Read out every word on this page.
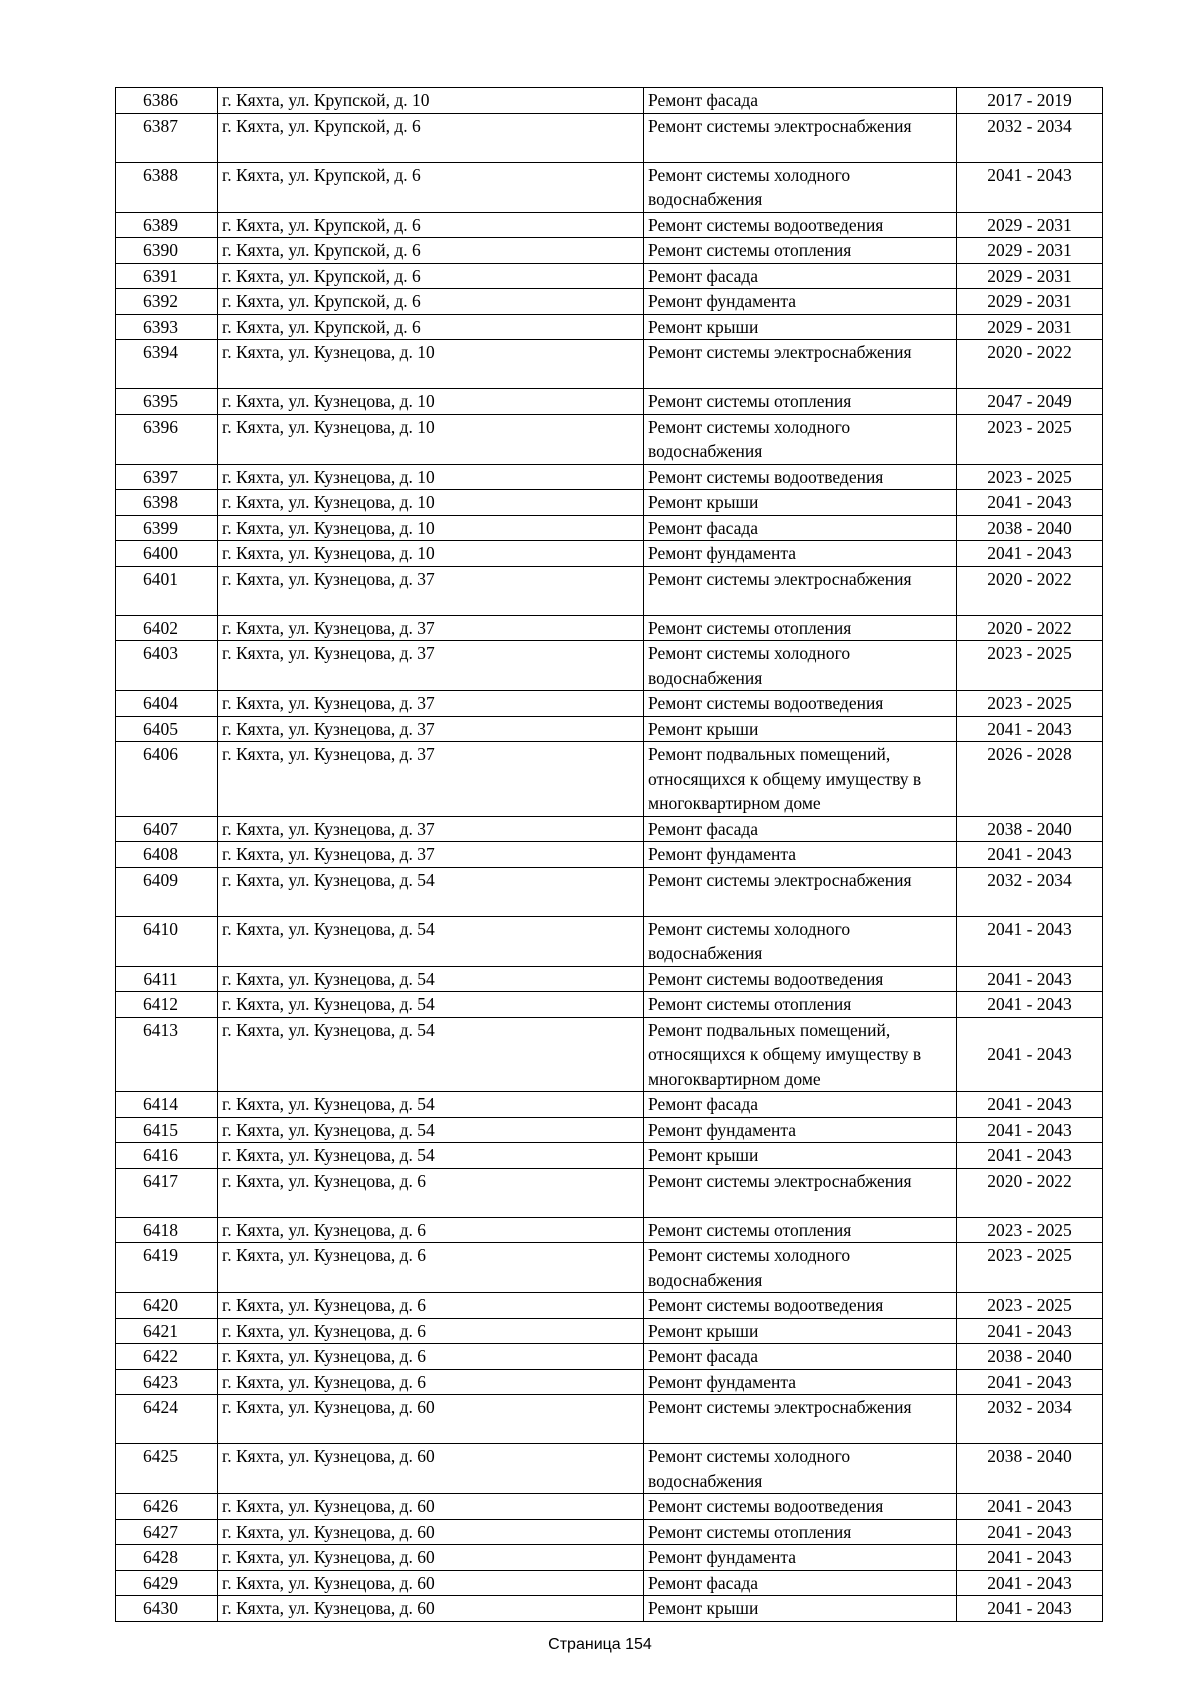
6386	г. Кяхта, ул. Крупской, д. 10	Ремонт фасада	2017 - 2019
6387	г. Кяхта, ул. Крупской, д. 6	Ремонт системы электроснабжения	2032 - 2034
6388	г. Кяхта, ул. Крупской, д. 6	Ремонт системы холодного водоснабжения	2041 - 2043
6389	г. Кяхта, ул. Крупской, д. 6	Ремонт системы водоотведения	2029 - 2031
6390	г. Кяхта, ул. Крупской, д. 6	Ремонт системы отопления	2029 - 2031
6391	г. Кяхта, ул. Крупской, д. 6	Ремонт фасада	2029 - 2031
6392	г. Кяхта, ул. Крупской, д. 6	Ремонт фундамента	2029 - 2031
6393	г. Кяхта, ул. Крупской, д. 6	Ремонт крыши	2029 - 2031
6394	г. Кяхта, ул. Кузнецова, д. 10	Ремонт системы электроснабжения	2020 - 2022
6395	г. Кяхта, ул. Кузнецова, д. 10	Ремонт системы отопления	2047 - 2049
6396	г. Кяхта, ул. Кузнецова, д. 10	Ремонт системы холодного водоснабжения	2023 - 2025
6397	г. Кяхта, ул. Кузнецова, д. 10	Ремонт системы водоотведения	2023 - 2025
6398	г. Кяхта, ул. Кузнецова, д. 10	Ремонт крыши	2041 - 2043
6399	г. Кяхта, ул. Кузнецова, д. 10	Ремонт фасада	2038 - 2040
6400	г. Кяхта, ул. Кузнецова, д. 10	Ремонт фундамента	2041 - 2043
6401	г. Кяхта, ул. Кузнецова, д. 37	Ремонт системы электроснабжения	2020 - 2022
6402	г. Кяхта, ул. Кузнецова, д. 37	Ремонт системы отопления	2020 - 2022
6403	г. Кяхта, ул. Кузнецова, д. 37	Ремонт системы холодного водоснабжения	2023 - 2025
6404	г. Кяхта, ул. Кузнецова, д. 37	Ремонт системы водоотведения	2023 - 2025
6405	г. Кяхта, ул. Кузнецова, д. 37	Ремонт крыши	2041 - 2043
6406	г. Кяхта, ул. Кузнецова, д. 37	Ремонт подвальных помещений, относящихся к общему имуществу в многоквартирном доме	2026 - 2028
6407	г. Кяхта, ул. Кузнецова, д. 37	Ремонт фасада	2038 - 2040
6408	г. Кяхта, ул. Кузнецова, д. 37	Ремонт фундамента	2041 - 2043
6409	г. Кяхта, ул. Кузнецова, д. 54	Ремонт системы электроснабжения	2032 - 2034
6410	г. Кяхта, ул. Кузнецова, д. 54	Ремонт системы холодного водоснабжения	2041 - 2043
6411	г. Кяхта, ул. Кузнецова, д. 54	Ремонт системы водоотведения	2041 - 2043
6412	г. Кяхта, ул. Кузнецова, д. 54	Ремонт системы отопления	2041 - 2043
6413	г. Кяхта, ул. Кузнецова, д. 54	Ремонт подвальных помещений, относящихся к общему имуществу в многоквартирном доме	2041 - 2043
6414	г. Кяхта, ул. Кузнецова, д. 54	Ремонт фасада	2041 - 2043
6415	г. Кяхта, ул. Кузнецова, д. 54	Ремонт фундамента	2041 - 2043
6416	г. Кяхта, ул. Кузнецова, д. 54	Ремонт крыши	2041 - 2043
6417	г. Кяхта, ул. Кузнецова, д. 6	Ремонт системы электроснабжения	2020 - 2022
6418	г. Кяхта, ул. Кузнецова, д. 6	Ремонт системы отопления	2023 - 2025
6419	г. Кяхта, ул. Кузнецова, д. 6	Ремонт системы холодного водоснабжения	2023 - 2025
6420	г. Кяхта, ул. Кузнецова, д. 6	Ремонт системы водоотведения	2023 - 2025
6421	г. Кяхта, ул. Кузнецова, д. 6	Ремонт крыши	2041 - 2043
6422	г. Кяхта, ул. Кузнецова, д. 6	Ремонт фасада	2038 - 2040
6423	г. Кяхта, ул. Кузнецова, д. 6	Ремонт фундамента	2041 - 2043
6424	г. Кяхта, ул. Кузнецова, д. 60	Ремонт системы электроснабжения	2032 - 2034
6425	г. Кяхта, ул. Кузнецова, д. 60	Ремонт системы холодного водоснабжения	2038 - 2040
6426	г. Кяхта, ул. Кузнецова, д. 60	Ремонт системы водоотведения	2041 - 2043
6427	г. Кяхта, ул. Кузнецова, д. 60	Ремонт системы отопления	2041 - 2043
6428	г. Кяхта, ул. Кузнецова, д. 60	Ремонт фундамента	2041 - 2043
6429	г. Кяхта, ул. Кузнецова, д. 60	Ремонт фасада	2041 - 2043
6430	г. Кяхта, ул. Кузнецова, д. 60	Ремонт крыши	2041 - 2043
Страница 154
